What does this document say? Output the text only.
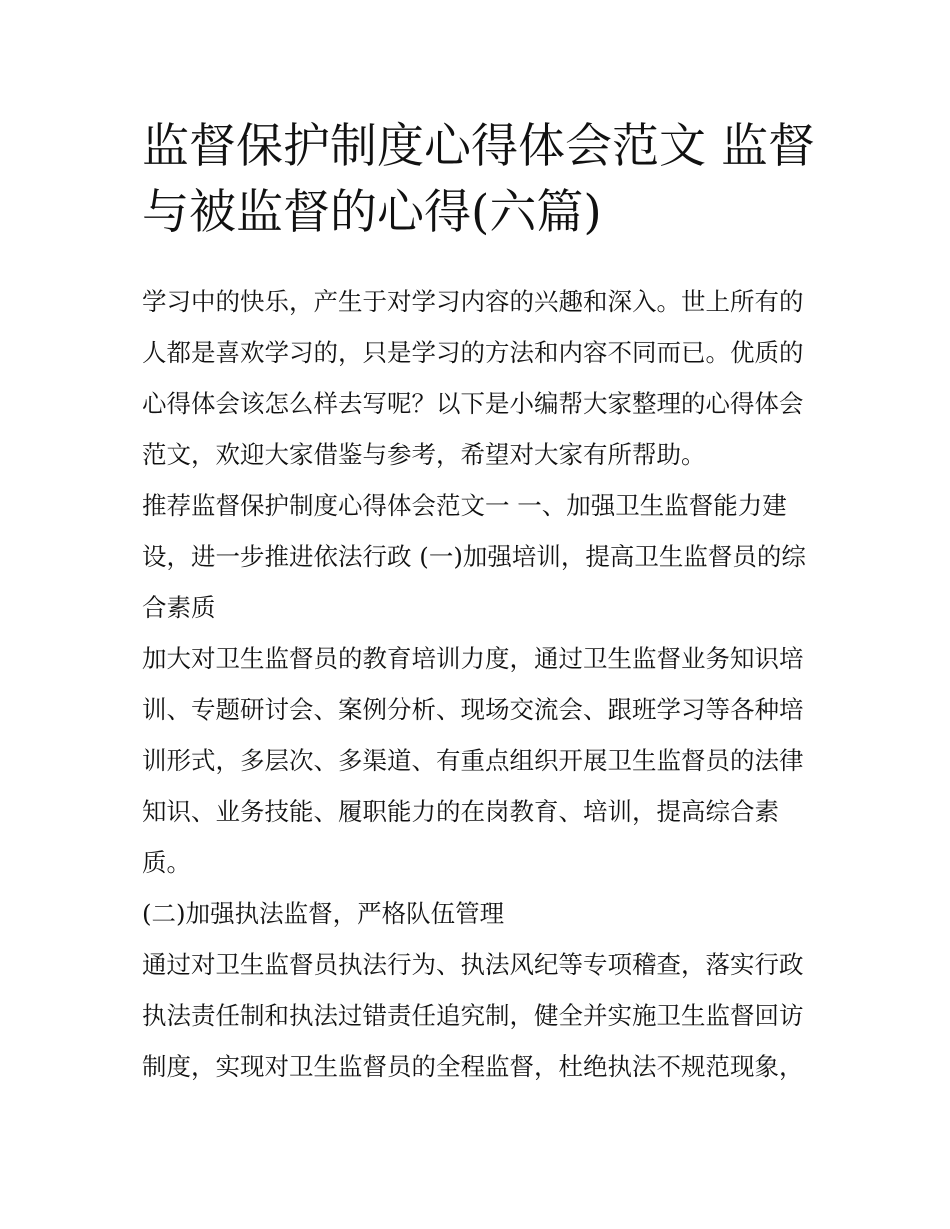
监督保护制度心得体会范文 监督与被监督的心得(六篇)

学习中的快乐，产生于对学习内容的兴趣和深入。世上所有的人都是喜欢学习的，只是学习的方法和内容不同而已。优质的心得体会该怎么样去写呢？以下是小编帮大家整理的心得体会范文，欢迎大家借鉴与参考，希望对大家有所帮助。

推荐监督保护制度心得体会范文一 一、加强卫生监督能力建设，进一步推进依法行政 (一)加强培训，提高卫生监督员的综合素质

加大对卫生监督员的教育培训力度，通过卫生监督业务知识培训、专题研讨会、案例分析、现场交流会、跟班学习等各种培训形式，多层次、多渠道、有重点组织开展卫生监督员的法律知识、业务技能、履职能力的在岗教育、培训，提高综合素质。

(二)加强执法监督，严格队伍管理

通过对卫生监督员执法行为、执法风纪等专项稽查，落实行政执法责任制和执法过错责任追究制，健全并实施卫生监督回访制度，实现对卫生监督员的全程监督，杜绝执法不规范现象，
